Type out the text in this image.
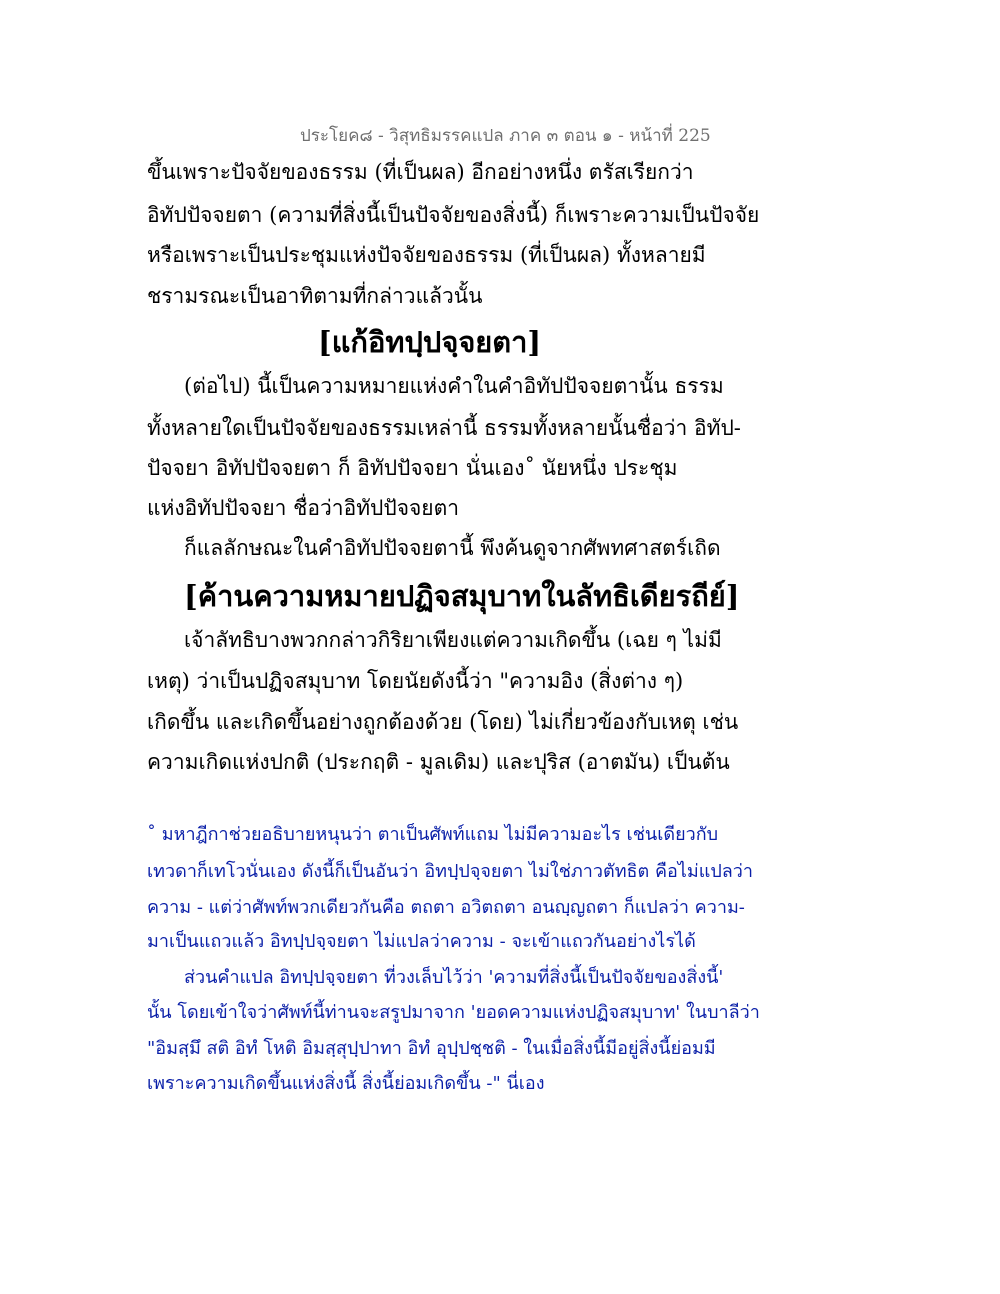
ประโยค๘ - วิสุทธิมรรคแปล ภาค ๓ ตอน ๑ - หน้าที่ 225
ขึ้นเพราะปัจจัยของธรรม (ที่เป็นผล) อีกอย่างหนึ่ง ตรัสเรียกว่า
อิทัปปัจจยตา (ความที่สิ่งนี้เป็นปัจจัยของสิ่งนี้) ก็เพราะความเป็นปัจจัย
หรือเพราะเป็นประชุมแห่งปัจจัยของธรรม (ที่เป็นผล) ทั้งหลายมี
ชรามรณะเป็นอาทิตามที่กล่าวแล้วนั้น
[แก้อิทปฺปจฺจยตา]
(ต่อไป) นี้เป็นความหมายแห่งคำในคำอิทัปปัจจยตานั้น ธรรม
ทั้งหลายใดเป็นปัจจัยของธรรมเหล่านี้ ธรรมทั้งหลายนั้นชื่อว่า อิทัป-
ปัจจยา อิทัปปัจจยตา ก็ อิทัปปัจจยา นั่นเอง˚ นัยหนึ่ง ประชุม
แห่งอิทัปปัจจยา ชื่อว่าอิทัปปัจจยตา
ก็แลลักษณะในคำอิทัปปัจจยตานี้ พึงค้นดูจากศัพทศาสตร์เถิด
[ค้านความหมายปฏิจสมุบาทในลัทธิเดียรถีย์]
เจ้าลัทธิบางพวกกล่าวกิริยาเพียงแต่ความเกิดขึ้น (เฉย ๆ ไม่มี
เหตุ) ว่าเป็นปฏิจสมุบาท โดยนัยดังนี้ว่า "ความอิง (สิ่งต่าง ๆ)
เกิดขึ้น และเกิดขึ้นอย่างถูกต้องด้วย (โดย) ไม่เกี่ยวข้องกับเหตุ เช่น
ความเกิดแห่งปกติ (ประกฤติ - มูลเดิม) และปุริส (อาตมัน) เป็นต้น
˚ มหาฎีกาช่วยอธิบายหนุนว่า ตาเป็นศัพท์แถม ไม่มีความอะไร เช่นเดียวกับ
เทวดาก็เทโวนั่นเอง ดังนี้ก็เป็นอันว่า อิทปฺปจฺจยตา ไม่ใช่ภาวตัทธิต คือไม่แปลว่า
ความ - แต่ว่าศัพท์พวกเดียวกันคือ ตถตา อวิตถตา อนญฺญถตา ก็แปลว่า ความ-
มาเป็นแถวแล้ว อิทปฺปจฺจยตา ไม่แปลว่าความ - จะเข้าแถวกันอย่างไรได้
ส่วนคำแปล อิทปฺปจฺจยตา ที่วงเล็บไว้ว่า 'ความที่สิ่งนี้เป็นปัจจัยของสิ่งนี้'
นั้น โดยเข้าใจว่าศัพท์นี้ท่านจะสรูปมาจาก 'ยอดความแห่งปฏิจสมุบาท' ในบาลีว่า
"อิมสฺมึ สติ อิทํ โหติ อิมสฺสุปฺปาทา อิทํ อุปฺปชฺชติ - ในเมื่อสิ่งนี้มีอยู่สิ่งนี้ย่อมมี
เพราะความเกิดขึ้นแห่งสิ่งนี้ สิ่งนี้ย่อมเกิดขึ้น -" นี่เอง
